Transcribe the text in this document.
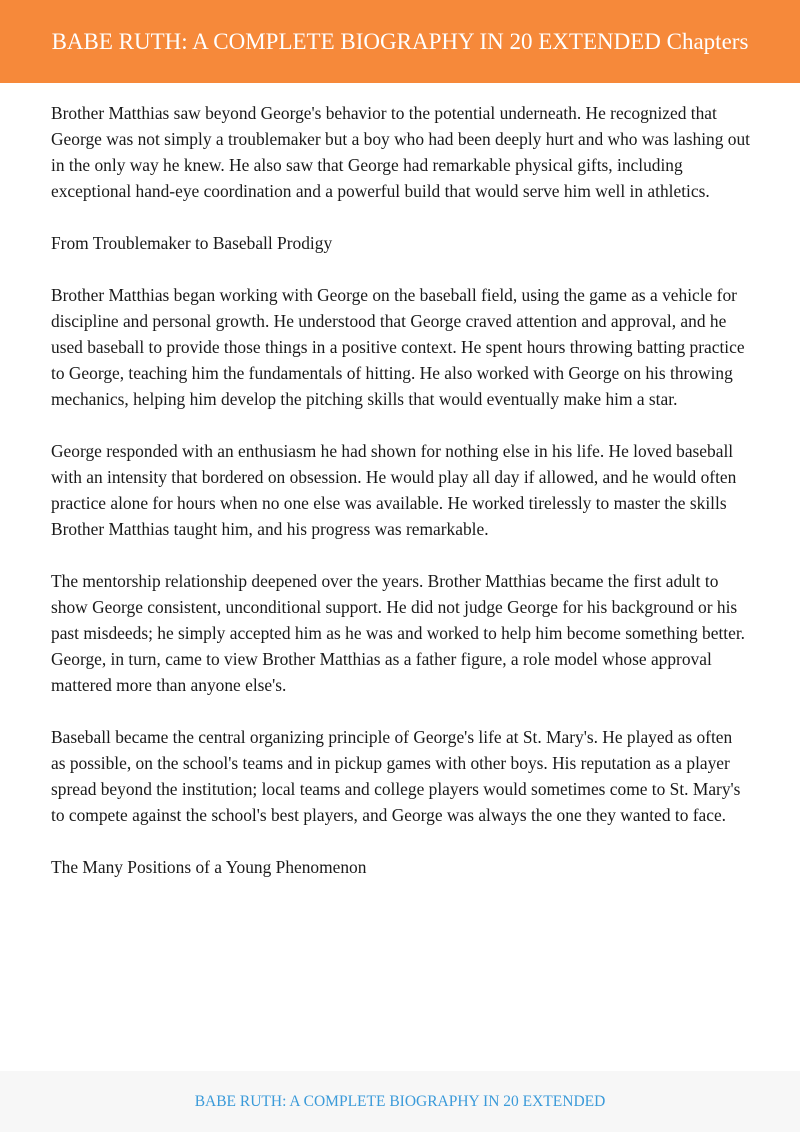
BABE RUTH: A COMPLETE BIOGRAPHY IN 20 EXTENDED Chapters

Brother Matthias saw beyond George's behavior to the potential underneath. He recognized that George was not simply a troublemaker but a boy who had been deeply hurt and who was lashing out in the only way he knew. He also saw that George had remarkable physical gifts, including exceptional hand-eye coordination and a powerful build that would serve him well in athletics.

From Troublemaker to Baseball Prodigy

Brother Matthias began working with George on the baseball field, using the game as a vehicle for discipline and personal growth. He understood that George craved attention and approval, and he used baseball to provide those things in a positive context. He spent hours throwing batting practice to George, teaching him the fundamentals of hitting. He also worked with George on his throwing mechanics, helping him develop the pitching skills that would eventually make him a star.

George responded with an enthusiasm he had shown for nothing else in his life. He loved baseball with an intensity that bordered on obsession. He would play all day if allowed, and he would often practice alone for hours when no one else was available. He worked tirelessly to master the skills Brother Matthias taught him, and his progress was remarkable.

The mentorship relationship deepened over the years. Brother Matthias became the first adult to show George consistent, unconditional support. He did not judge George for his background or his past misdeeds; he simply accepted him as he was and worked to help him become something better. George, in turn, came to view Brother Matthias as a father figure, a role model whose approval mattered more than anyone else's.

Baseball became the central organizing principle of George's life at St. Mary's. He played as often as possible, on the school's teams and in pickup games with other boys. His reputation as a player spread beyond the institution; local teams and college players would sometimes come to St. Mary's to compete against the school's best players, and George was always the one they wanted to face.

The Many Positions of a Young Phenomenon

BABE RUTH: A COMPLETE BIOGRAPHY IN 20 EXTENDED
